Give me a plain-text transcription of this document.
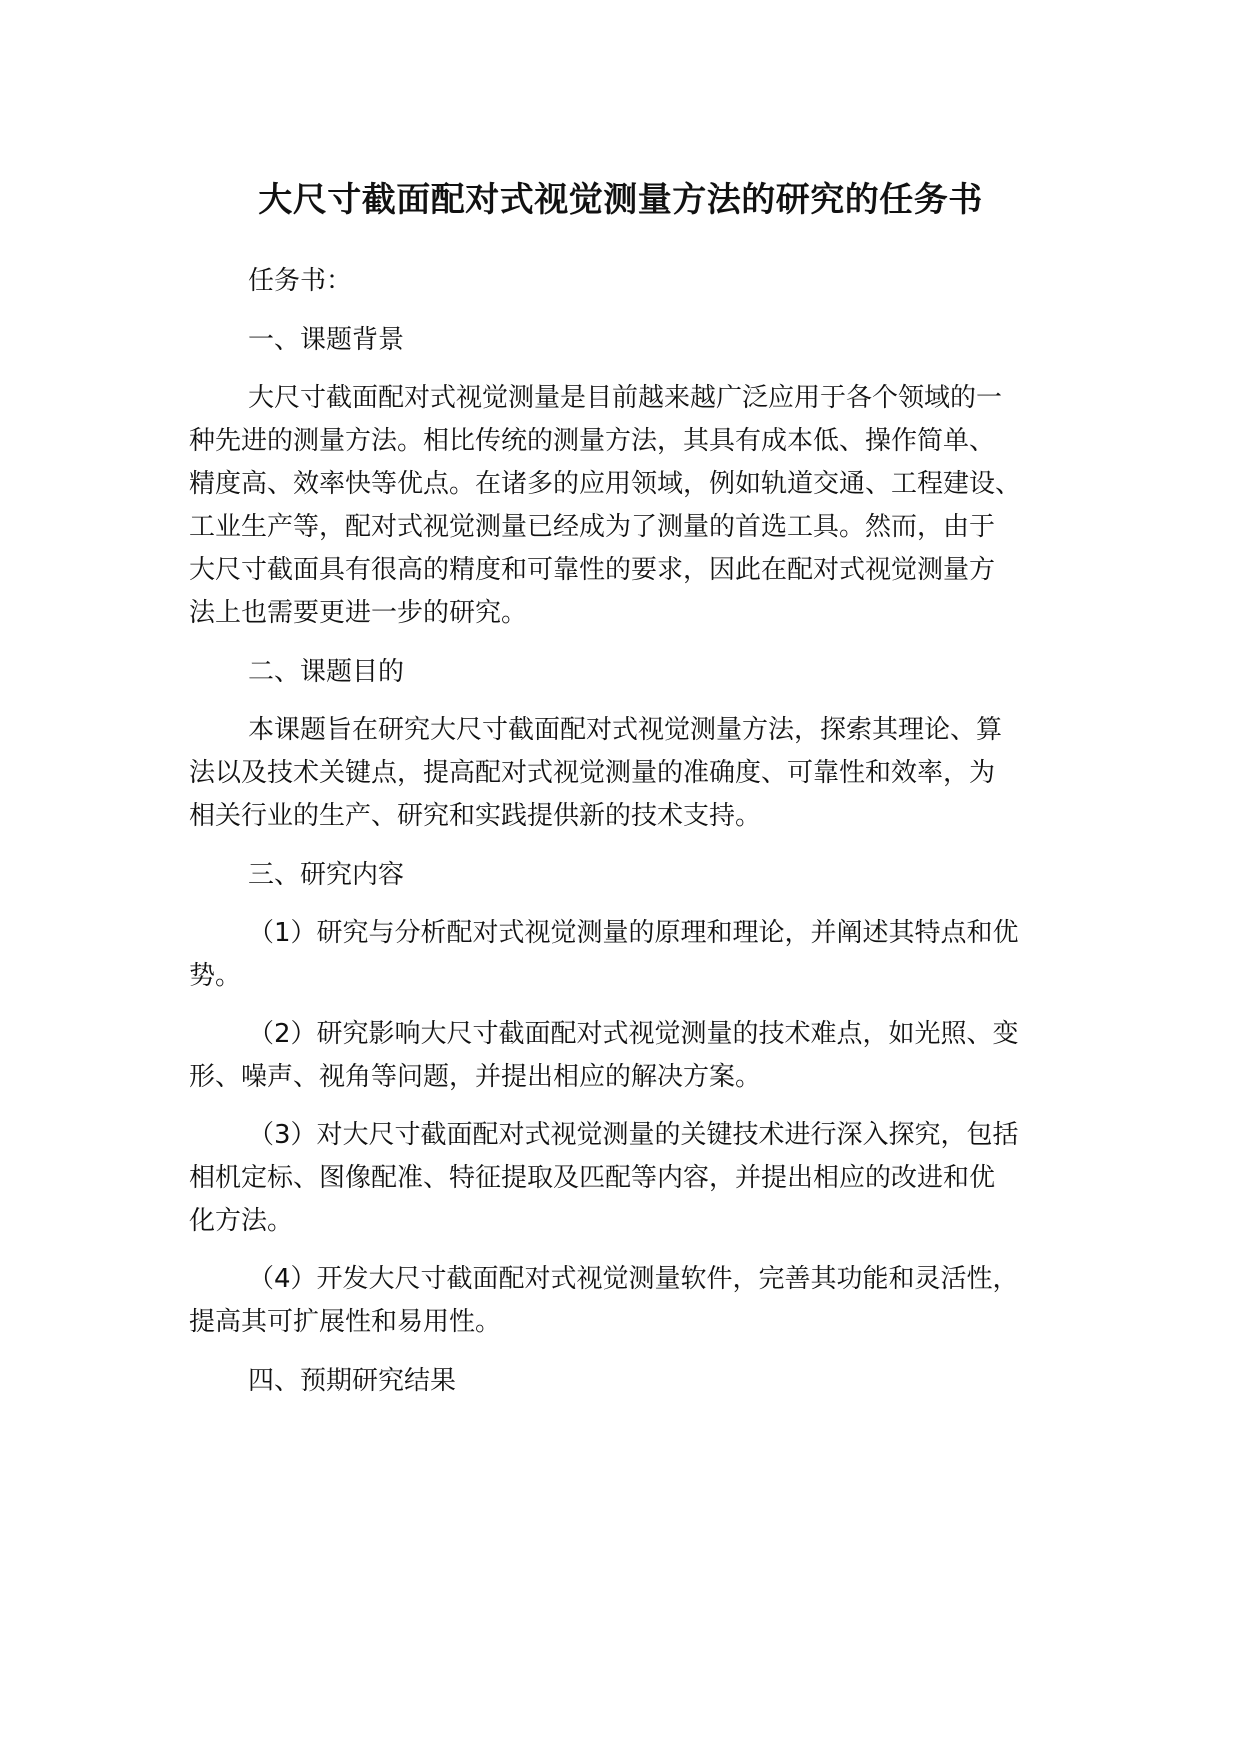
大尺寸截面配对式视觉测量方法的研究的任务书

任务书：

一、课题背景

大尺寸截面配对式视觉测量是目前越来越广泛应用于各个领域的一

种先进的测量方法。相比传统的测量方法，其具有成本低、操作简单、

精度高、效率快等优点。在诸多的应用领域，例如轨道交通、工程建设、

工业生产等，配对式视觉测量已经成为了测量的首选工具。然而，由于

大尺寸截面具有很高的精度和可靠性的要求，因此在配对式视觉测量方

法上也需要更进一步的研究。

二、课题目的

本课题旨在研究大尺寸截面配对式视觉测量方法，探索其理论、算

法以及技术关键点，提高配对式视觉测量的准确度、可靠性和效率，为

相关行业的生产、研究和实践提供新的技术支持。

三、研究内容

（1）研究与分析配对式视觉测量的原理和理论，并阐述其特点和优

势。

（2）研究影响大尺寸截面配对式视觉测量的技术难点，如光照、变

形、噪声、视角等问题，并提出相应的解决方案。

（3）对大尺寸截面配对式视觉测量的关键技术进行深入探究，包括

相机定标、图像配准、特征提取及匹配等内容，并提出相应的改进和优

化方法。

（4）开发大尺寸截面配对式视觉测量软件，完善其功能和灵活性，

提高其可扩展性和易用性。

四、预期研究结果
